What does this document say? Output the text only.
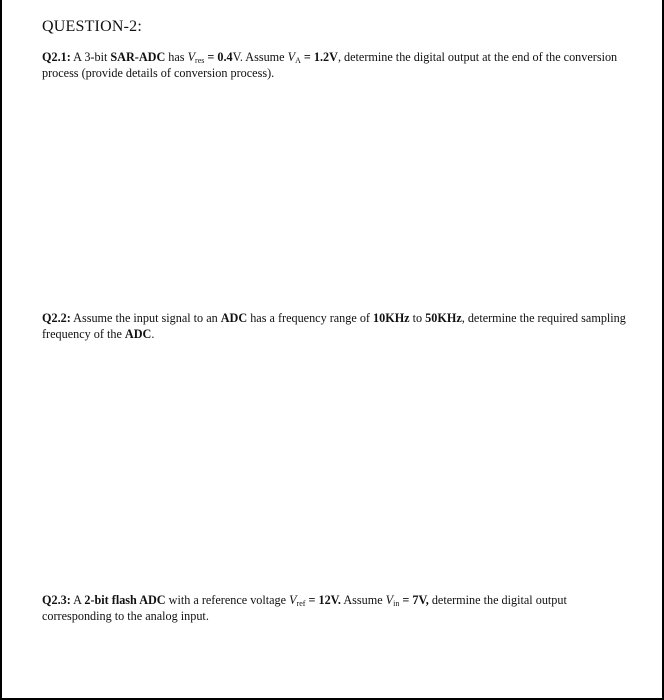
QUESTION-2:
Q2.1: A 3-bit SAR-ADC has $V_{res} = 0.4V$. Assume $V_A = 1.2V$, determine the digital output at the end of the conversion process (provide details of conversion process).
Q2.2: Assume the input signal to an ADC has a frequency range of 10KHz to 50KHz, determine the required sampling frequency of the ADC.
Q2.3: A 2-bit flash ADC with a reference voltage $V_{ref} = 12V$. Assume $V_{in} = 7V$, determine the digital output corresponding to the analog input.
